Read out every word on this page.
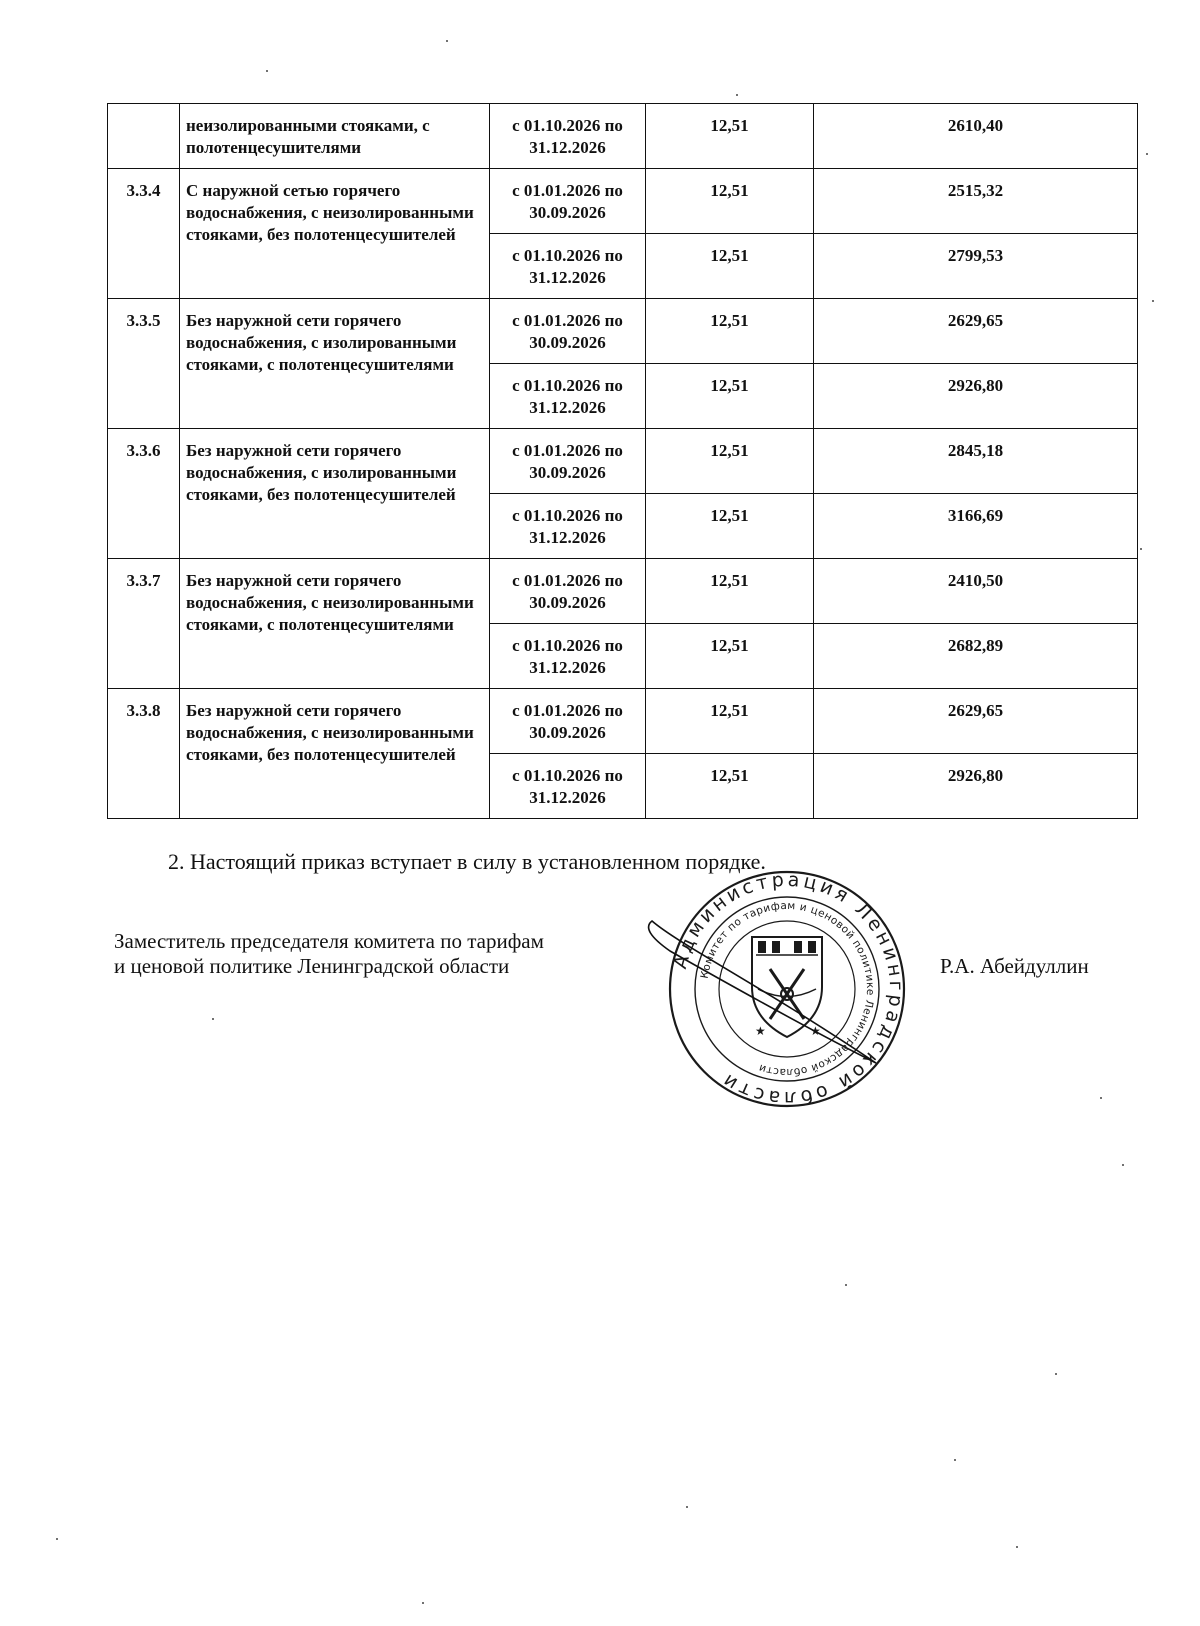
	неизолированными стояками, с полотенцесушителями	с 01.10.2026 по 31.12.2026	12,51	2610,40
3.3.4	С наружной сетью горячего водоснабжения, с неизолированными стояками, без полотенцесушителей	с 01.01.2026 по 30.09.2026	12,51	2515,32
		с 01.10.2026 по 31.12.2026	12,51	2799,53
3.3.5	Без наружной сети горячего водоснабжения, с изолированными стояками, с полотенцесушителями	с 01.01.2026 по 30.09.2026	12,51	2629,65
		с 01.10.2026 по 31.12.2026	12,51	2926,80
3.3.6	Без наружной сети горячего водоснабжения, с изолированными стояками, без полотенцесушителей	с 01.01.2026 по 30.09.2026	12,51	2845,18
		с 01.10.2026 по 31.12.2026	12,51	3166,69
3.3.7	Без наружной сети горячего водоснабжения, с неизолированными стояками, с полотенцесушителями	с 01.01.2026 по 30.09.2026	12,51	2410,50
		с 01.10.2026 по 31.12.2026	12,51	2682,89
3.3.8	Без наружной сети горячего водоснабжения, с неизолированными стояками, без полотенцесушителей	с 01.01.2026 по 30.09.2026	12,51	2629,65
		с 01.10.2026 по 31.12.2026	12,51	2926,80
2. Настоящий приказ вступает в силу в установленном порядке.
Заместитель председателя комитета по тарифам
и ценовой политике Ленинградской области	Администрация Ленинградской области
Комитет по тарифам и ценовой политике Ленинградской области
★	★
Р.А. Абейдуллин
